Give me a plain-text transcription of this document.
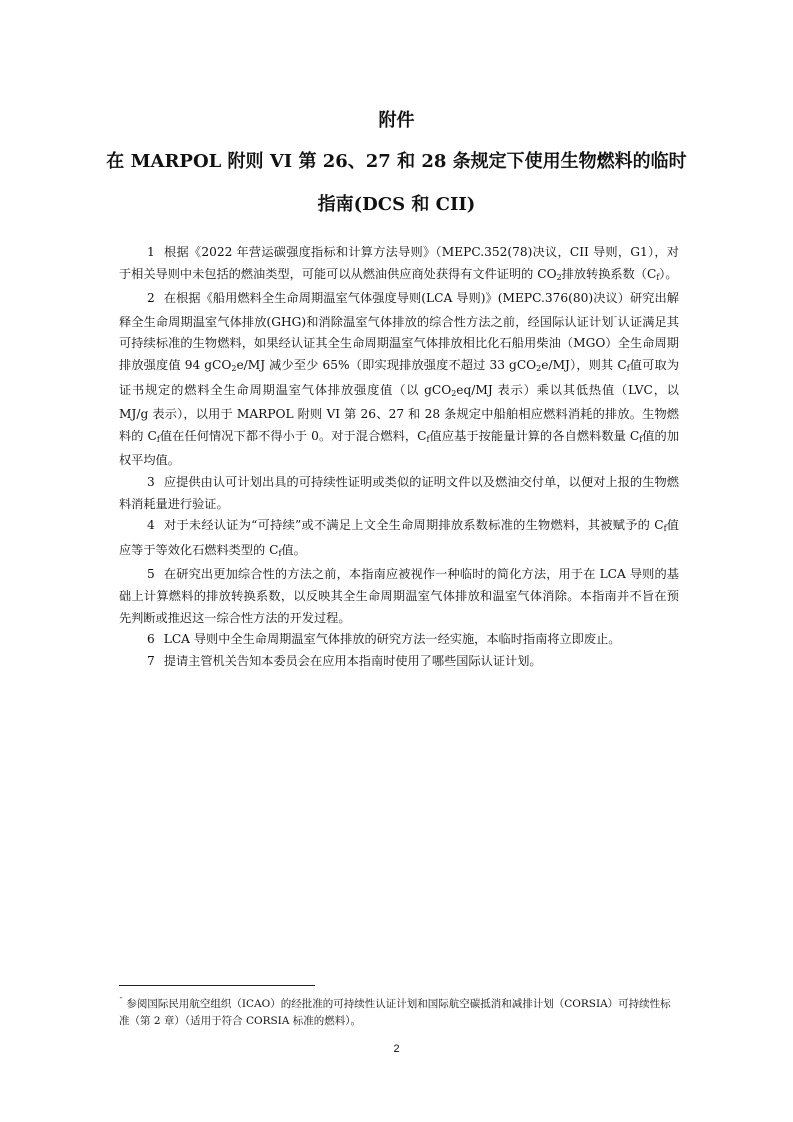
附件
在 MARPOL 附则 VI 第 26、27 和 28 条规定下使用生物燃料的临时
指南(DCS 和 CII)

1 根据《2022 年营运碳强度指标和计算方法导则》（MEPC.352(78)决议，CII 导则，G1），对于相关导则中未包括的燃油类型，可能可以从燃油供应商处获得有文件证明的 $CO_2$排放转换系数$(C_f)$。

2 在根据《船用燃料全生命周期温室气体强度导则(LCA 导则)》(MEPC.376(80)决议）研究出解释全生命周期温室气体排放(GHG)和消除温室气体排放的综合性方法之前，经国际认证计划¯认证满足其可持续标准的生物燃料，如果经认证其全生命周期温室气体排放相比化石船用柴油（MGO）全生命周期排放强度值 94 gCO$_2$e/MJ 减少至少 65%（即实现排放强度不超过 33 gCO$_2$e/MJ），则其 $C_f$值可取为证书规定的燃料全生命周期温室气体排放强度值（以 gCO$_2$eq/MJ 表示）乘以其低热值（LVC，以 MJ/g 表示），以用于 MARPOL 附则 VI 第 26、27 和 28 条规定中船舶相应燃料消耗的排放。生物燃料的 $C_f$值在任何情况下都不得小于 0。对于混合燃料，$C_f$值应基于按能量计算的各自燃料数量 $C_f$值的加权平均值。

3 应提供由认可计划出具的可持续性证明或类似的证明文件以及燃油交付单，以便对上报的生物燃料消耗量进行验证。

4 对于未经认证为“可持续”或不满足上文全生命周期排放系数标准的生物燃料，其被赋予的 $C_f$值应等于等效化石燃料类型的 $C_f$值。

5 在研究出更加综合性的方法之前，本指南应被视作一种临时的简化方法，用于在 LCA 导则的基础上计算燃料的排放转换系数，以反映其全生命周期温室气体排放和温室气体消除。本指南并不旨在预先判断或推迟这一综合性方法的开发过程。

6 LCA 导则中全生命周期温室气体排放的研究方法一经实施，本临时指南将立即废止。

7 提请主管机关告知本委员会在应用本指南时使用了哪些国际认证计划。

¯ 参阅国际民用航空组织（ICAO）的经批准的可持续性认证计划和国际航空碳抵消和减排计划（CORSIA）可持续性标准（第 2 章）（适用于符合 CORSIA 标准的燃料）。
2
